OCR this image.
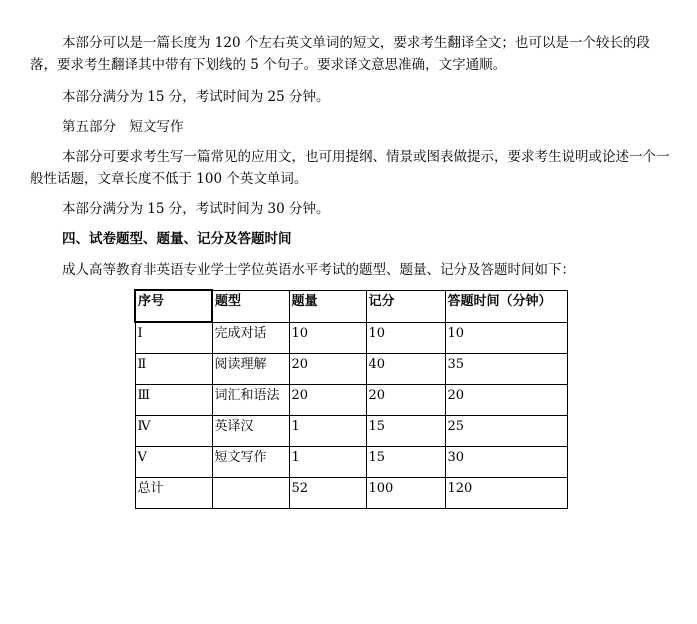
本部分可以是一篇长度为 120 个左右英文单词的短文，要求考生翻译全文；也可以是一个较长的段落，要求考生翻译其中带有下划线的 5 个句子。要求译文意思准确，文字通顺。

本部分满分为 15 分，考试时间为 25 分钟。

第五部分　短文写作

本部分可要求考生写一篇常见的应用文，也可用提纲、情景或图表做提示，要求考生说明或论述一个一般性话题，文章长度不低于 100 个英文单词。

本部分满分为 15 分，考试时间为 30 分钟。

四、试卷题型、题量、记分及答题时间

成人高等教育非英语专业学士学位英语水平考试的题型、题量、记分及答题时间如下：

序号	题型	题量	记分	答题时间（分钟）
Ⅰ	完成对话	10	10	10
Ⅱ	阅读理解	20	40	35
Ⅲ	词汇和语法	20	20	20
Ⅳ	英译汉	1	15	25
Ⅴ	短文写作	1	15	30
总计		52	100	120
